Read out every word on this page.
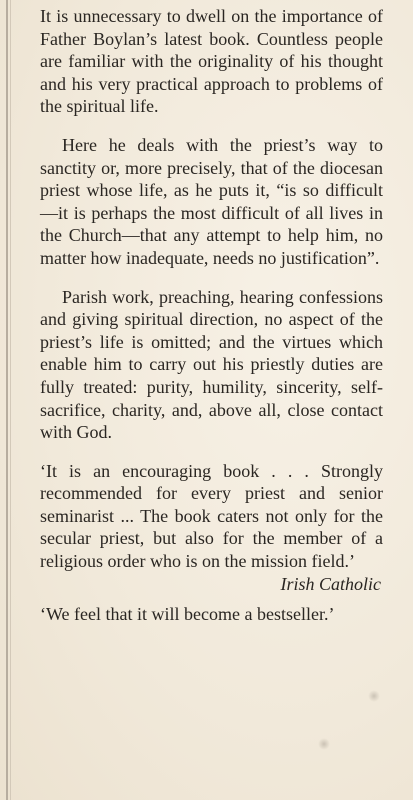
It is unnecessary to dwell on the importance of Father Boylan’s latest book. Countless people are familiar with the originality of his thought and his very practical approach to problems of the spiritual life.

Here he deals with the priest’s way to sanctity or, more precisely, that of the diocesan priest whose life, as he puts it, “is so difficult—it is perhaps the most difficult of all lives in the Church—that any attempt to help him, no matter how inadequate, needs no justification”.

Parish work, preaching, hearing confessions and giving spiritual direction, no aspect of the priest’s life is omitted; and the virtues which enable him to carry out his priestly duties are fully treated: purity, humility, sincerity, self-sacrifice, charity, and, above all, close contact with God.

‘It is an encouraging book . . . Strongly recommended for every priest and senior seminarist ... The book caters not only for the secular priest, but also for the member of a religious order who is on the mission field.’

Irish Catholic

‘We feel that it will become a bestseller.’
